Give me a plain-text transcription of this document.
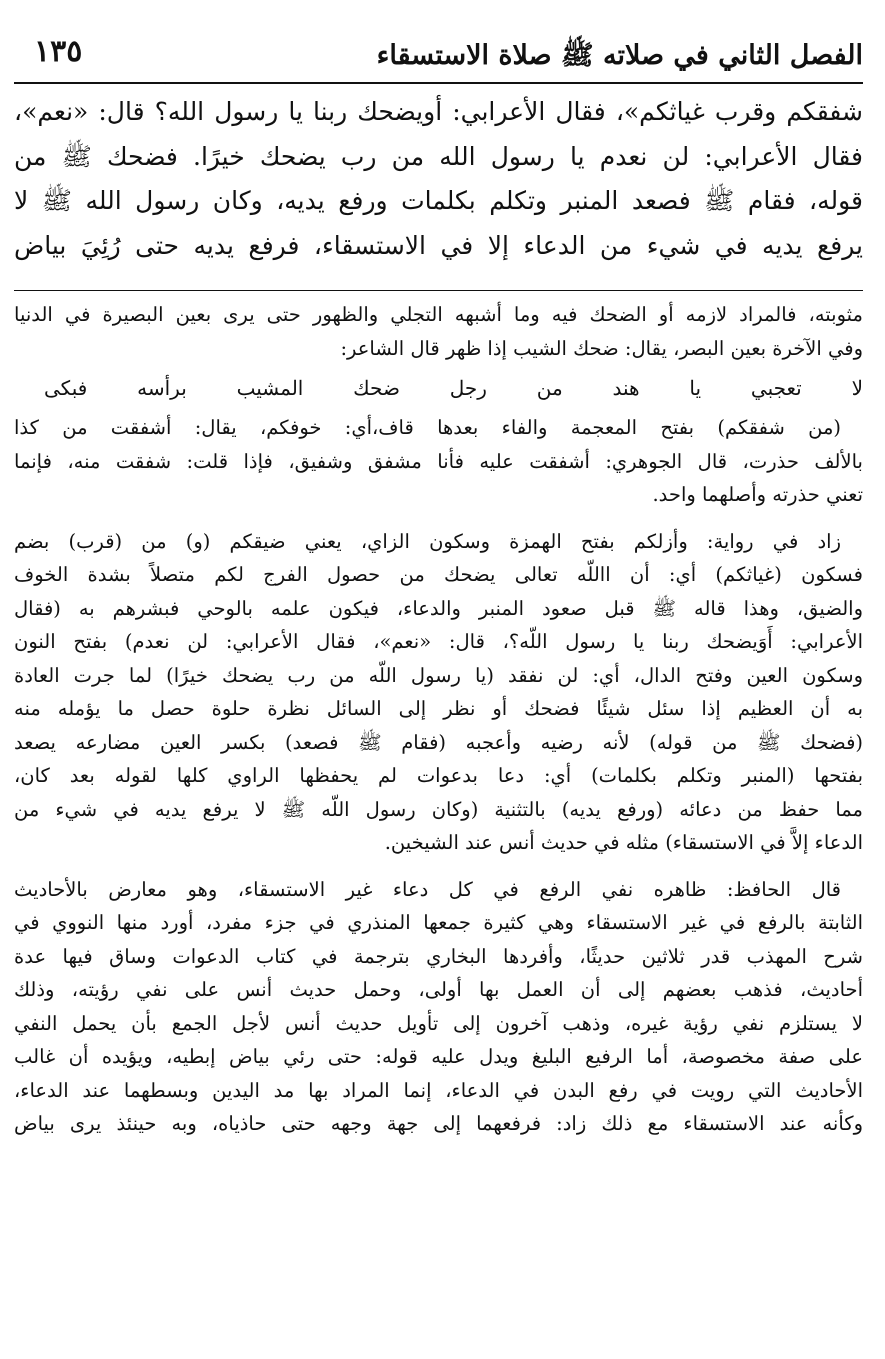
الفصل الثاني في صلاته ﷺ صلاة الاستسقاء
١٣٥
شفقكم وقرب غياثكم»، فقال الأعرابي: أويضحك ربنا يا رسول الله؟ قال: «نعم»،
فقال الأعرابي: لن نعدم يا رسول الله من رب يضحك خيرًا. فضحك ﷺ من
قوله، فقام ﷺ فصعد المنبر وتكلم بكلمات ورفع يديه، وكان رسول الله ﷺ لا
يرفع يديه في شيء من الدعاء إلا في الاستسقاء، فرفع يديه حتى رُئِيَ بياض
مثوبته، فالمراد لازمه أو الضحك فيه وما أشبهه التجلي والظهور حتى يرى بعين البصيرة في الدنيا
وفي الآخرة بعين البصر، يقال: ضحك الشيب إذا ظهر قال الشاعر:
لا تعجبي يا هند من رجل ضحك المشيب برأسه فبكى
(من شفقكم) بفتح المعجمة والفاء بعدها قاف،أي: خوفكم، يقال: أشفقت من كذا
بالألف حذرت، قال الجوهري: أشفقت عليه فأنا مشفق وشفيق، فإذا قلت: شفقت منه، فإنما
تعني حذرته وأصلهما واحد.
زاد في رواية: وأزلكم بفتح الهمزة وسكون الزاي، يعني ضيقكم (و) من (قرب) بضم
فسكون (غياثكم) أي: أن االلّه تعالى يضحك من حصول الفرج لكم متصلاً بشدة الخوف
والضيق، وهذا قاله ﷺ قبل صعود المنبر والدعاء، فيكون علمه بالوحي فبشرهم به (فقال
الأعرابي: أَوَيضحك ربنا يا رسول اللّه؟، قال: «نعم»، فقال الأعرابي: لن نعدم) بفتح النون
وسكون العين وفتح الدال، أي: لن نفقد (يا رسول اللّه من رب يضحك خيرًا) لما جرت العادة
به أن العظيم إذا سئل شيئًا فضحك أو نظر إلى السائل نظرة حلوة حصل ما يؤمله منه
(فضحك ﷺ من قوله) لأنه رضيه وأعجبه (فقام ﷺ فصعد) بكسر العين مضارعه يصعد
بفتحها (المنبر وتكلم بكلمات) أي: دعا بدعوات لم يحفظها الراوي كلها لقوله بعد كان،
مما حفظ من دعائه (ورفع يديه) بالتثنية (وكان رسول اللّه ﷺ لا يرفع يديه في شيء من
الدعاء إلاَّ في الاستسقاء) مثله في حديث أنس عند الشيخين.
قال الحافظ: ظاهره نفي الرفع في كل دعاء غير الاستسقاء، وهو معارض بالأحاديث
الثابتة بالرفع في غير الاستسقاء وهي كثيرة جمعها المنذري في جزء مفرد، أورد منها النووي في
شرح المهذب قدر ثلاثين حديثًا، وأفردها البخاري بترجمة في كتاب الدعوات وساق فيها عدة
أحاديث، فذهب بعضهم إلى أن العمل بها أولى، وحمل حديث أنس على نفي رؤيته، وذلك
لا يستلزم نفي رؤية غيره، وذهب آخرون إلى تأويل حديث أنس لأجل الجمع بأن يحمل النفي
على صفة مخصوصة، أما الرفيع البليغ ويدل عليه قوله: حتى رئي بياض إبطيه، ويؤيده أن غالب
الأحاديث التي رويت في رفع البدن في الدعاء، إنما المراد بها مد اليدين وبسطهما عند الدعاء،
وكأنه عند الاستسقاء مع ذلك زاد: فرفعهما إلى جهة وجهه حتى حاذياه، وبه حينئذ يرى بياض
